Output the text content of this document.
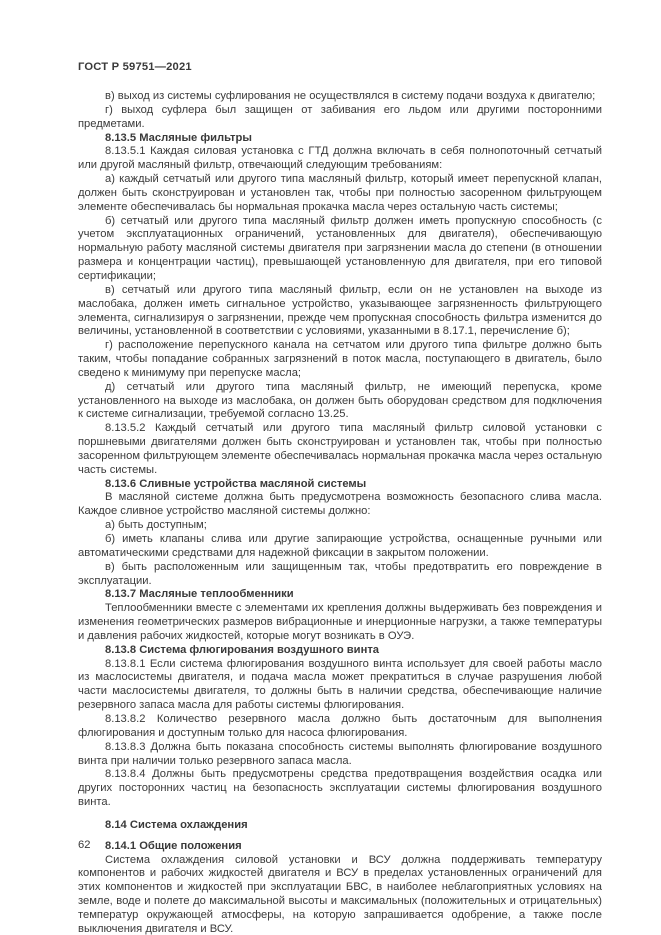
ГОСТ Р 59751—2021

в) выход из системы суфлирования не осуществлялся в систему подачи воздуха к двигателю;

г) выход суфлера был защищен от забивания его льдом или другими посторонними предметами.

8.13.5 Масляные фильтры

8.13.5.1 Каждая силовая установка с ГТД должна включать в себя полнопоточный сетчатый или другой масляный фильтр, отвечающий следующим требованиям:

а) каждый сетчатый или другого типа масляный фильтр, который имеет перепускной клапан, должен быть сконструирован и установлен так, чтобы при полностью засоренном фильтрующем элементе обеспечивалась бы нормальная прокачка масла через остальную часть системы;

б) сетчатый или другого типа масляный фильтр должен иметь пропускную способность (с учетом эксплуатационных ограничений, установленных для двигателя), обеспечивающую нормальную работу масляной системы двигателя при загрязнении масла до степени (в отношении размера и концентрации частиц), превышающей установленную для двигателя, при его типовой сертификации;

в) сетчатый или другого типа масляный фильтр, если он не установлен на выходе из маслобака, должен иметь сигнальное устройство, указывающее загрязненность фильтрующего элемента, сигнализируя о загрязнении, прежде чем пропускная способность фильтра изменится до величины, установленной в соответствии с условиями, указанными в 8.17.1, перечисление б);

г) расположение перепускного канала на сетчатом или другого типа фильтре должно быть таким, чтобы попадание собранных загрязнений в поток масла, поступающего в двигатель, было сведено к минимуму при перепуске масла;

д) сетчатый или другого типа масляный фильтр, не имеющий перепуска, кроме установленного на выходе из маслобака, он должен быть оборудован средством для подключения к системе сигнализации, требуемой согласно 13.25.

8.13.5.2 Каждый сетчатый или другого типа масляный фильтр силовой установки с поршневыми двигателями должен быть сконструирован и установлен так, чтобы при полностью засоренном фильтрующем элементе обеспечивалась нормальная прокачка масла через остальную часть системы.

8.13.6 Сливные устройства масляной системы

В масляной системе должна быть предусмотрена возможность безопасного слива масла. Каждое сливное устройство масляной системы должно:

а) быть доступным;

б) иметь клапаны слива или другие запирающие устройства, оснащенные ручными или автоматическими средствами для надежной фиксации в закрытом положении.

в) быть расположенным или защищенным так, чтобы предотвратить его повреждение в эксплуатации.

8.13.7 Масляные теплообменники

Теплообменники вместе с элементами их крепления должны выдерживать без повреждения и изменения геометрических размеров вибрационные и инерционные нагрузки, а также температуры и давления рабочих жидкостей, которые могут возникать в ОУЭ.

8.13.8 Система флюгирования воздушного винта

8.13.8.1 Если система флюгирования воздушного винта использует для своей работы масло из маслосистемы двигателя, и подача масла может прекратиться в случае разрушения любой части маслосистемы двигателя, то должны быть в наличии средства, обеспечивающие наличие резервного запаса масла для работы системы флюгирования.

8.13.8.2 Количество резервного масла должно быть достаточным для выполнения флюгирования и доступным только для насоса флюгирования.

8.13.8.3 Должна быть показана способность системы выполнять флюгирование воздушного винта при наличии только резервного запаса масла.

8.13.8.4 Должны быть предусмотрены средства предотвращения воздействия осадка или других посторонних частиц на безопасность эксплуатации системы флюгирования воздушного винта.

8.14 Система охлаждения

8.14.1 Общие положения

Система охлаждения силовой установки и ВСУ должна поддерживать температуру компонентов и рабочих жидкостей двигателя и ВСУ в пределах установленных ограничений для этих компонентов и жидкостей при эксплуатации БВС, в наиболее неблагоприятных условиях на земле, воде и полете до максимальной высоты и максимальных (положительных и отрицательных) температур окружающей атмосферы, на которую запрашивается одобрение, а также после выключения двигателя и ВСУ.

62
